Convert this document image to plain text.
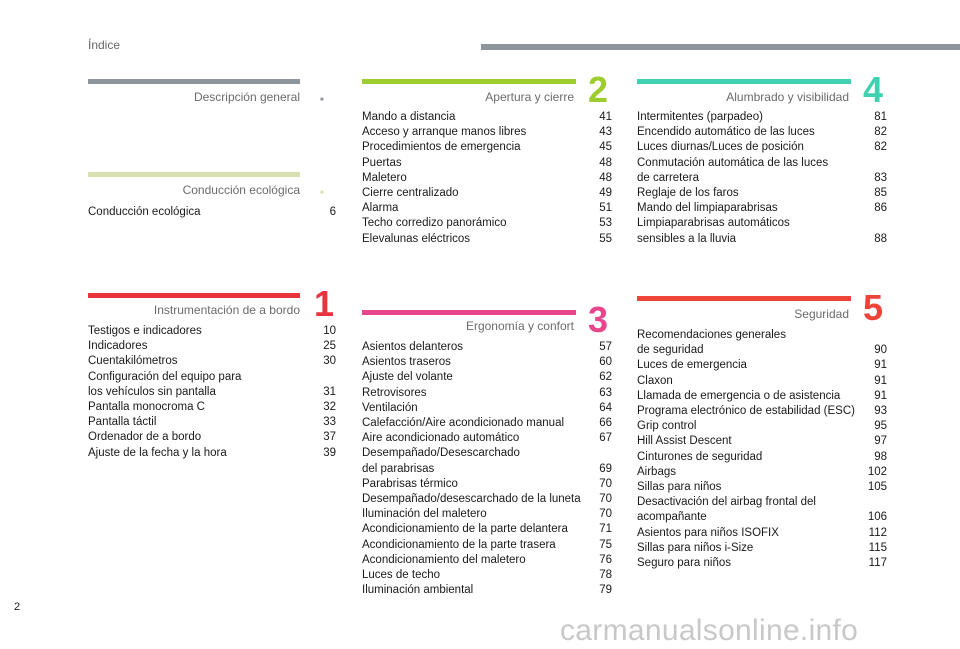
Índice
Descripción general	■
Conducción ecológica	■
Conducción ecológica	6
Instrumentación de a bordo 1
Testigos e indicadores	10
Indicadores	25
Cuentakilómetros	30
Configuración del equipo para
los vehículos sin pantalla	31
Pantalla monocroma C	32
Pantalla táctil	33
Ordenador de a bordo	37
Ajuste de la fecha y la hora	39
Apertura y cierre 2
Mando a distancia	41
Acceso y arranque manos libres	43
Procedimientos de emergencia	45
Puertas	48
Maletero	48
Cierre centralizado	49
Alarma	51
Techo corredizo panorámico	53
Elevalunas eléctricos	55
Ergonomía y confort 3
Asientos delanteros	57
Asientos traseros	60
Ajuste del volante	62
Retrovisores	63
Ventilación	64
Calefacción/Aire acondicionado manual	66
Aire acondicionado automático	67
Desempañado/Desescarchado
del parabrisas	69
Parabrisas térmico	70
Desempañado/desescarchado de la luneta	70
Iluminación del maletero	70
Acondicionamiento de la parte delantera	71
Acondicionamiento de la parte trasera	75
Acondicionamiento del maletero	76
Luces de techo	78
Iluminación ambiental	79
Alumbrado y visibilidad 4
Intermitentes (parpadeo)	81
Encendido automático de las luces	82
Luces diurnas/Luces de posición	82
Conmutación automática de las luces
de carretera	83
Reglaje de los faros	85
Mando del limpiaparabrisas	86
Limpiaparabrisas automáticos
sensibles a la lluvia	88
Seguridad 5
Recomendaciones generales
de seguridad	90
Luces de emergencia	91
Claxon	91
Llamada de emergencia o de asistencia	91
Programa electrónico de estabilidad (ESC)	93
Grip control	95
Hill Assist Descent	97
Cinturones de seguridad	98
Airbags	102
Sillas para niños	105
Desactivación del airbag frontal del
acompañante	106
Asientos para niños ISOFIX	112
Sillas para niños i-Size	115
Seguro para niños	117
2
carmanualsonline.info
